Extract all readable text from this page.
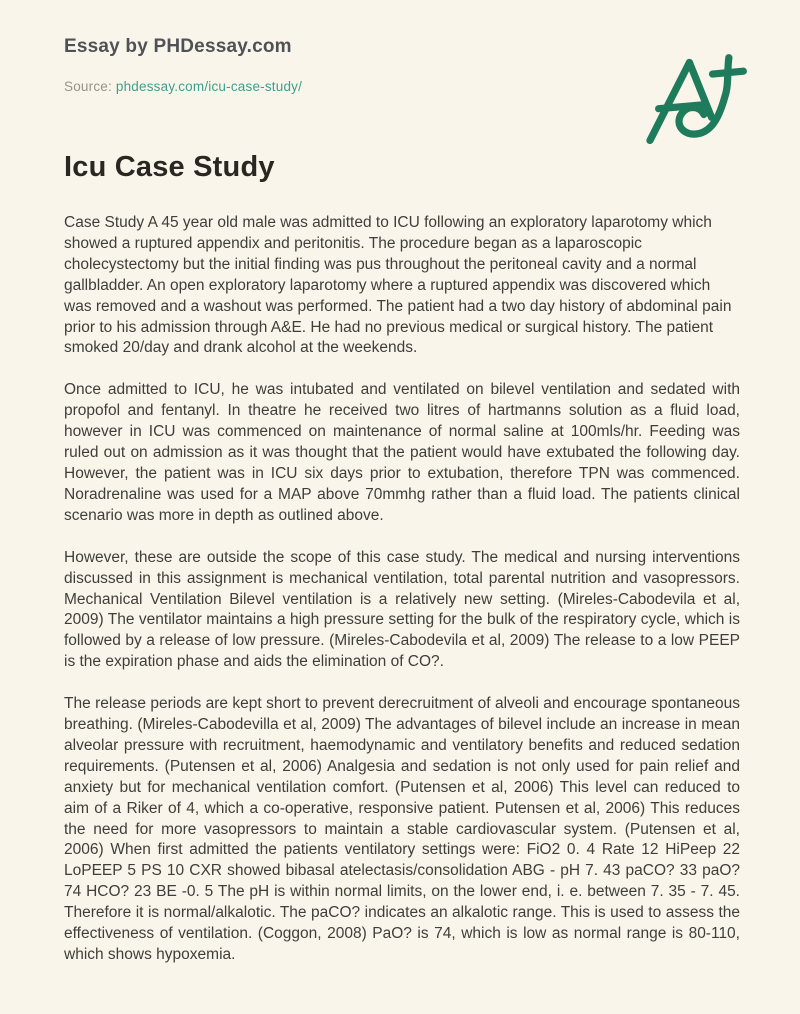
Essay by PHDessay.com
Source: phdessay.com/icu-case-study/
Icu Case Study

Case Study A 45 year old male was admitted to ICU following an exploratory laparotomy which showed a ruptured appendix and peritonitis. The procedure began as a laparoscopic cholecystectomy but the initial finding was pus throughout the peritoneal cavity and a normal gallbladder. An open exploratory laparotomy where a ruptured appendix was discovered which was removed and a washout was performed. The patient had a two day history of abdominal pain prior to his admission through A&E. He had no previous medical or surgical history. The patient smoked 20/day and drank alcohol at the weekends.

Once admitted to ICU, he was intubated and ventilated on bilevel ventilation and sedated with propofol and fentanyl. In theatre he received two litres of hartmanns solution as a fluid load, however in ICU was commenced on maintenance of normal saline at 100mls/hr. Feeding was ruled out on admission as it was thought that the patient would have extubated the following day. However, the patient was in ICU six days prior to extubation, therefore TPN was commenced. Noradrenaline was used for a MAP above 70mmhg rather than a fluid load. The patients clinical scenario was more in depth as outlined above.

However, these are outside the scope of this case study. The medical and nursing interventions discussed in this assignment is mechanical ventilation, total parental nutrition and vasopressors. Mechanical Ventilation Bilevel ventilation is a relatively new setting. (Mireles-Cabodevila et al, 2009) The ventilator maintains a high pressure setting for the bulk of the respiratory cycle, which is followed by a release of low pressure. (Mireles-Cabodevila et al, 2009) The release to a low PEEP is the expiration phase and aids the elimination of CO?.

The release periods are kept short to prevent derecruitment of alveoli and encourage spontaneous breathing. (Mireles-Cabodevilla et al, 2009) The advantages of bilevel include an increase in mean alveolar pressure with recruitment, haemodynamic and ventilatory benefits and reduced sedation requirements. (Putensen et al, 2006) Analgesia and sedation is not only used for pain relief and anxiety but for mechanical ventilation comfort. (Putensen et al, 2006) This level can reduced to aim of a Riker of 4, which a co-operative, responsive patient. Putensen et al, 2006) This reduces the need for more vasopressors to maintain a stable cardiovascular system. (Putensen et al, 2006) When first admitted the patients ventilatory settings were: FiO2 0. 4 Rate 12 HiPeep 22 LoPEEP 5 PS 10 CXR showed bibasal atelectasis/consolidation ABG - pH 7. 43 paCO? 33 paO? 74 HCO? 23 BE -0. 5 The pH is within normal limits, on the lower end, i. e. between 7. 35 - 7. 45. Therefore it is normal/alkalotic. The paCO? indicates an alkalotic range. This is used to assess the effectiveness of ventilation. (Coggon, 2008) PaO? is 74, which is low as normal range is 80-110, which shows hypoxemia.
